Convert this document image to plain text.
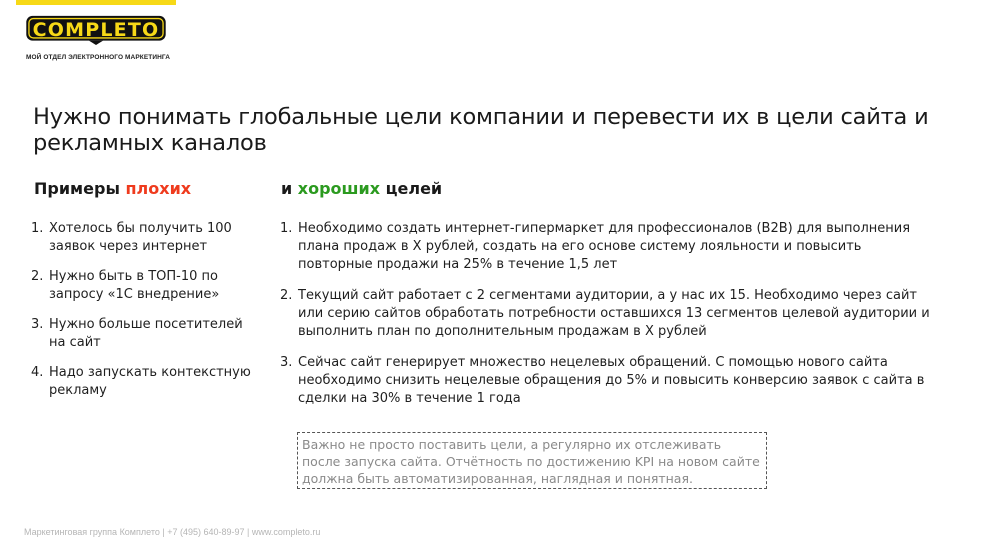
COMPLETO
МОЙ ОТДЕЛ ЭЛЕКТРОННОГО МАРКЕТИНГА
Нужно понимать глобальные цели компании и перевести их в цели сайта и рекламных каналов
Примеры плохих	и хороших целей
1. Хотелось бы получить 100 заявок через интернет
2. Нужно быть в ТОП-10 по запросу «1С внедрение»
3. Нужно больше посетителей на сайт
4. Надо запускать контекстную рекламу
1. Необходимо создать интернет-гипермаркет для профессионалов (B2B) для выполнения плана продаж в Х рублей, создать на его основе систему лояльности и повысить повторные продажи на 25% в течение 1,5 лет
2. Текущий сайт работает с 2 сегментами аудитории, а у нас их 15. Необходимо через сайт или серию сайтов обработать потребности оставшихся 13 сегментов целевой аудитории и выполнить план по дополнительным продажам в Х рублей
3. Сейчас сайт генерирует множество нецелевых обращений. С помощью нового сайта необходимо снизить нецелевые обращения до 5% и повысить конверсию заявок с сайта в сделки на 30% в течение 1 года
Важно не просто поставить цели, а регулярно их отслеживать после запуска сайта. Отчётность по достижению KPI на новом сайте должна быть автоматизированная, наглядная и понятная.
Маркетинговая группа Комплето | +7 (495) 640-89-97 | www.completo.ru
